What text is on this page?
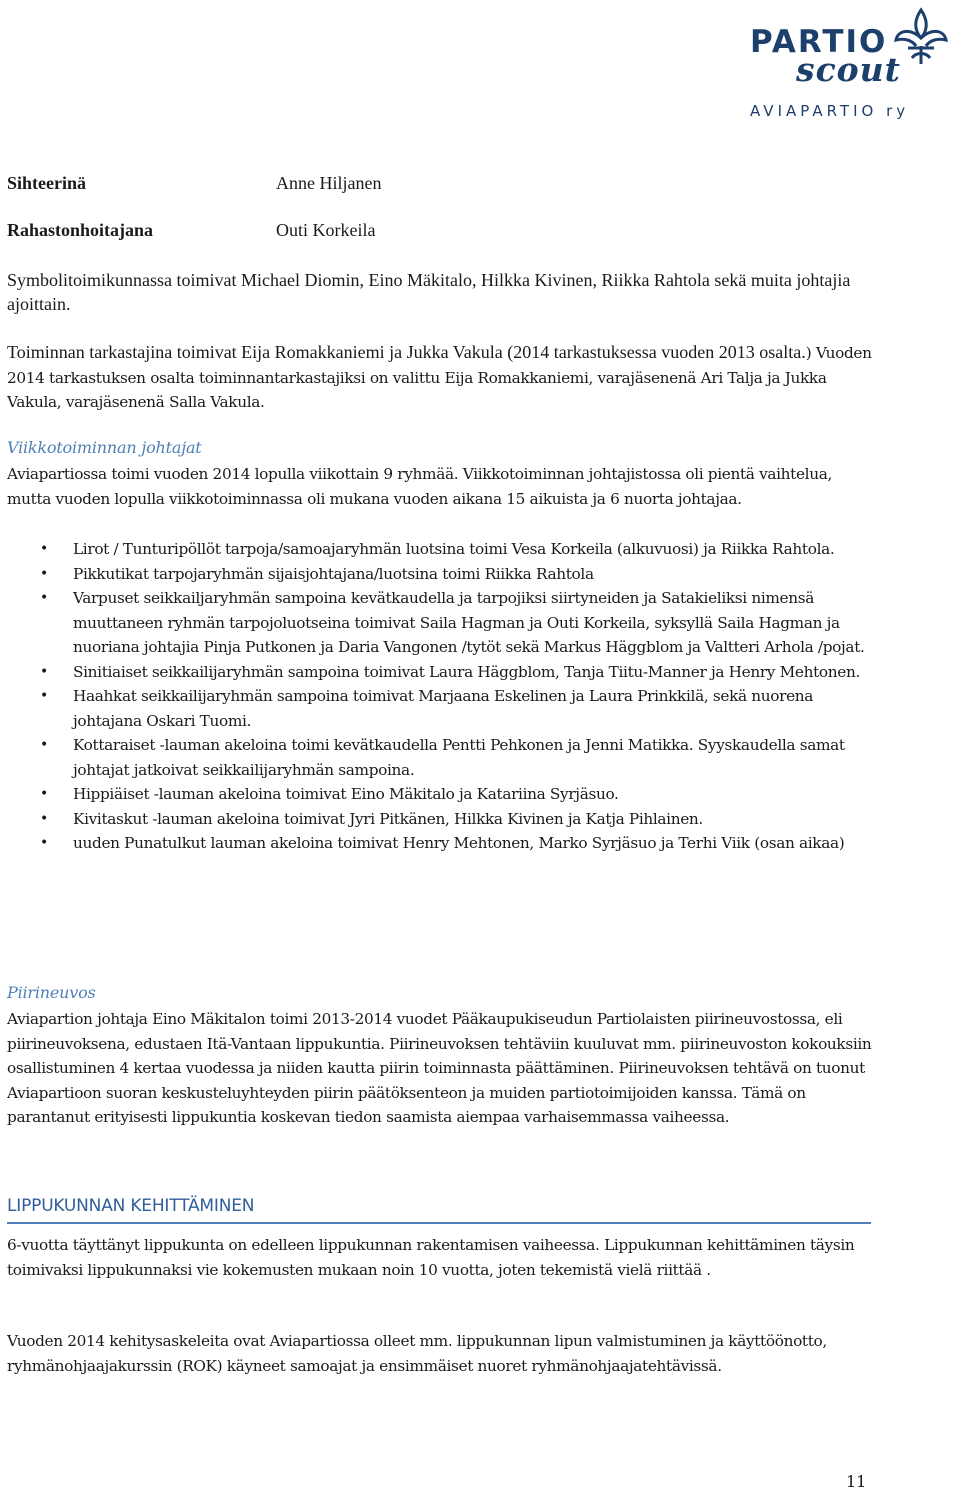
PARTIO
scout
AVIAPARTIO ry
Sihteerinä	Anne Hiljanen
Rahastonhoitajana	Outi Korkeila
Symbolitoimikunnassa toimivat Michael Diomin, Eino Mäkitalo, Hilkka Kivinen, Riikka Rahtola sekä muita johtajia ajoittain.
Toiminnan tarkastajina toimivat Eija Romakkaniemi ja Jukka Vakula (2014 tarkastuksessa vuoden 2013 osalta.) Vuoden 2014 tarkastuksen osalta toiminnantarkastajiksi on valittu Eija Romakkaniemi, varajäsenenä Ari Talja ja Jukka Vakula, varajäsenenä Salla Vakula.
Viikkotoiminnan johtajat
Aviapartiossa toimi vuoden 2014 lopulla viikottain 9 ryhmää. Viikkotoiminnan johtajistossa oli pientä vaihtelua, mutta vuoden lopulla viikkotoiminnassa oli mukana vuoden aikana 15 aikuista ja 6 nuorta johtajaa.
• Lirot / Tunturipöllöt tarpoja/samoajaryhmän luotsina toimi Vesa Korkeila (alkuvuosi) ja Riikka Rahtola.
• Pikkutikat tarpojaryhmän sijaisjohtajana/luotsina toimi Riikka Rahtola
• Varpuset seikkailjaryhmän sampoina kevätkaudella ja tarpojiksi siirtyneiden ja Satakieliksi nimensä muuttaneen ryhmän tarpojoluotseina toimivat Saila Hagman ja Outi Korkeila, syksyllä Saila Hagman ja nuoriana johtajia Pinja Putkonen ja Daria Vangonen /tytöt sekä Markus Häggblom ja Valtteri Arhola /pojat.
• Sinitiaiset seikkailijaryhmän sampoina toimivat Laura Häggblom, Tanja Tiitu-Manner ja Henry Mehtonen.
• Haahkat seikkailijaryhmän sampoina toimivat Marjaana Eskelinen ja Laura Prinkkilä, sekä nuorena johtajana Oskari Tuomi.
• Kottaraiset -lauman akeloina toimi kevätkaudella Pentti Pehkonen ja Jenni Matikka. Syyskaudella samat johtajat jatkoivat seikkailijaryhmän sampoina.
• Hippiäiset -lauman akeloina toimivat Eino Mäkitalo ja Katariina Syrjäsuo.
• Kivitaskut -lauman akeloina toimivat Jyri Pitkänen, Hilkka Kivinen ja Katja Pihlainen.
• uuden Punatulkut lauman akeloina toimivat Henry Mehtonen, Marko Syrjäsuo ja Terhi Viik (osan aikaa)
Piirineuvos
Aviapartion johtaja Eino Mäkitalon toimi 2013-2014 vuodet Pääkaupukiseudun Partiolaisten piirineuvostossa, eli piirineuvoksena, edustaen Itä-Vantaan lippukuntia. Piirineuvoksen tehtäviin kuuluvat mm. piirineuvoston kokouksiin osallistuminen 4 kertaa vuodessa ja niiden kautta piirin toiminnasta päättäminen. Piirineuvoksen tehtävä on tuonut Aviapartioon suoran keskusteluyhteyden piirin päätöksenteon ja muiden partiotoimijoiden kanssa. Tämä on parantanut erityisesti lippukuntia koskevan tiedon saamista aiempaa varhaisemmassa vaiheessa.
LIPPUKUNNAN KEHITTÄMINEN
6-vuotta täyttänyt lippukunta on edelleen lippukunnan rakentamisen vaiheessa. Lippukunnan kehittäminen täysin toimivaksi lippukunnaksi vie kokemusten mukaan noin 10 vuotta, joten tekemistä vielä riittää .
Vuoden 2014 kehitysaskeleita ovat Aviapartiossa olleet mm. lippukunnan lipun valmistuminen ja käyttöönotto, ryhmänohjaajakurssin (ROK) käyneet samoajat ja ensimmäiset nuoret ryhmänohjaajatehtävissä.
11
